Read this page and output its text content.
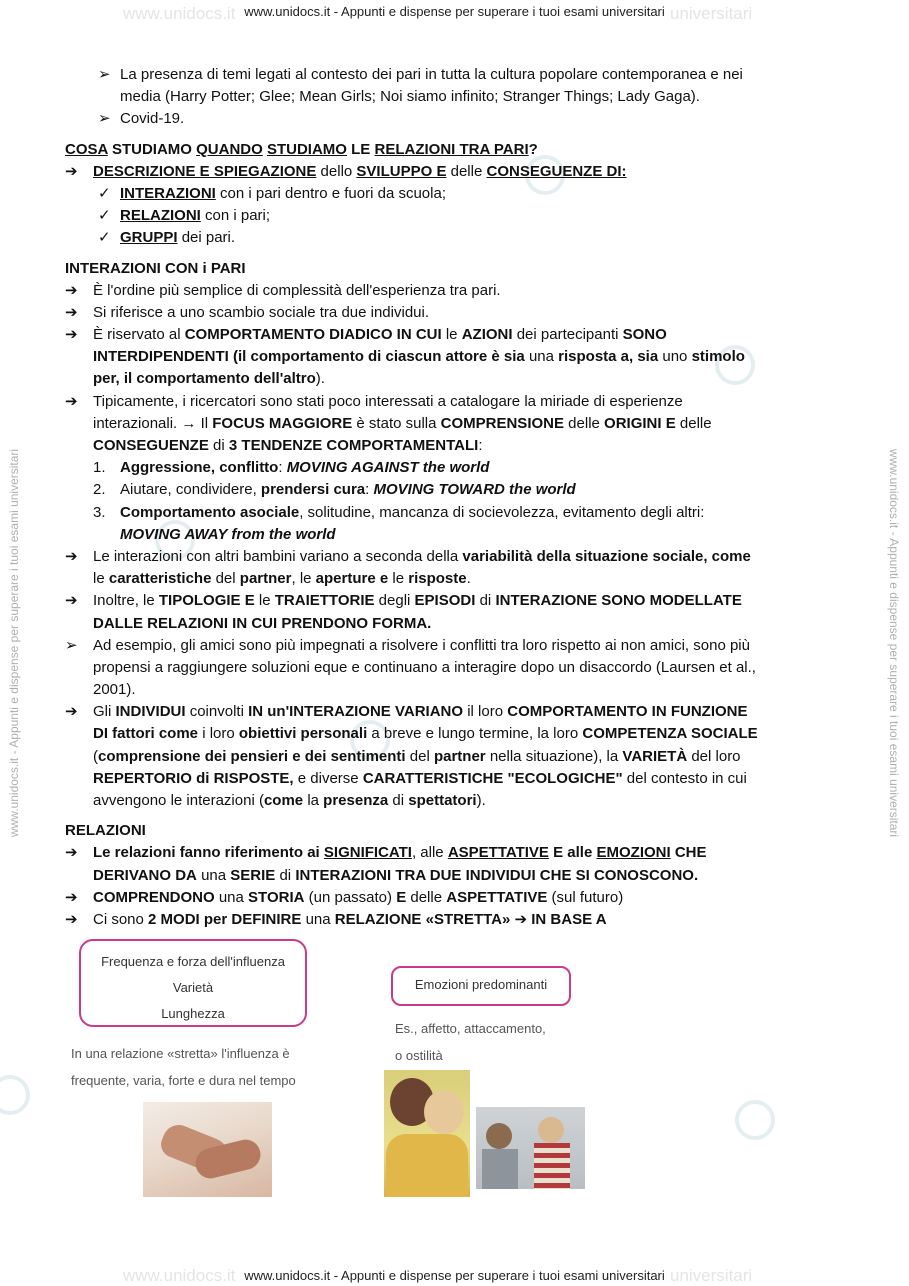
www.unidocs.it - Appunti e dispense per superare i tuoi esami universitari
www.unidocs.it - Appunti e dispense per superare i tuoi esami universitari
www.unidocs.it	universitari
www.unidocs.it	universitari
www.unidocs.it - Appunti e dispense per superare i tuoi esami universitari	www.unidocs.it - Appunti e dispense per superare i tuoi esami universitari
➢ La presenza di temi legati al contesto dei pari in tutta la cultura popolare contemporanea e nei
media (Harry Potter; Glee; Mean Girls; Noi siamo infinito; Stranger Things; Lady Gaga).
➢ Covid-19.
COSA STUDIAMO QUANDO STUDIAMO LE RELAZIONI TRA PARI?
➔ DESCRIZIONE E SPIEGAZIONE dello SVILUPPO E delle CONSEGUENZE DI:
✓ INTERAZIONI con i pari dentro e fuori da scuola;
✓ RELAZIONI con i pari;
✓ GRUPPI dei pari.
INTERAZIONI CON i PARI
➔ È l'ordine più semplice di complessità dell'esperienza tra pari.
➔ Si riferisce a uno scambio sociale tra due individui.
➔ È riservato al COMPORTAMENTO DIADICO IN CUI le AZIONI dei partecipanti SONO
INTERDIPENDENTI (il comportamento di ciascun attore è sia una risposta a, sia uno stimolo
per, il comportamento dell'altro).
➔ Tipicamente, i ricercatori sono stati poco interessati a catalogare la miriade di esperienze
interazionali. → Il FOCUS MAGGIORE è stato sulla COMPRENSIONE delle ORIGINI E delle
CONSEGUENZE di 3 TENDENZE COMPORTAMENTALI:
1. Aggressione, conflitto: MOVING AGAINST the world
2. Aiutare, condividere, prendersi cura: MOVING TOWARD the world
3. Comportamento asociale, solitudine, mancanza di socievolezza, evitamento degli altri:
MOVING AWAY from the world
➔ Le interazioni con altri bambini variano a seconda della variabilità della situazione sociale, come
le caratteristiche del partner, le aperture e le risposte.
➔ Inoltre, le TIPOLOGIE E le TRAIETTORIE degli EPISODI di INTERAZIONE SONO MODELLATE
DALLE RELAZIONI IN CUI PRENDONO FORMA.
➢ Ad esempio, gli amici sono più impegnati a risolvere i conflitti tra loro rispetto ai non amici, sono più
propensi a raggiungere soluzioni eque e continuano a interagire dopo un disaccordo (Laursen et al.,
2001).
➔ Gli INDIVIDUI coinvolti IN un'INTERAZIONE VARIANO il loro COMPORTAMENTO IN FUNZIONE
DI fattori come i loro obiettivi personali a breve e lungo termine, la loro COMPETENZA SOCIALE
(comprensione dei pensieri e dei sentimenti del partner nella situazione), la VARIETÀ del loro
REPERTORIO di RISPOSTE, e diverse CARATTERISTICHE "ECOLOGICHE" del contesto in cui
avvengono le interazioni (come la presenza di spettatori).
RELAZIONI
➔ Le relazioni fanno riferimento ai SIGNIFICATI, alle ASPETTATIVE E alle EMOZIONI CHE
DERIVANO DA una SERIE di INTERAZIONI TRA DUE INDIVIDUI CHE SI CONOSCONO.
➔ COMPRENDONO una STORIA (un passato) E delle ASPETTATIVE (sul futuro)
➔ Ci sono 2 MODI per DEFINIRE una RELAZIONE «STRETTA» ➔ IN BASE A
Frequenza e forza dell'influenza
Varietà
Lunghezza
In una relazione «stretta» l'influenza è
frequente, varia, forte e dura nel tempo
Emozioni predominanti
Es., affetto, attaccamento,
o ostilità
